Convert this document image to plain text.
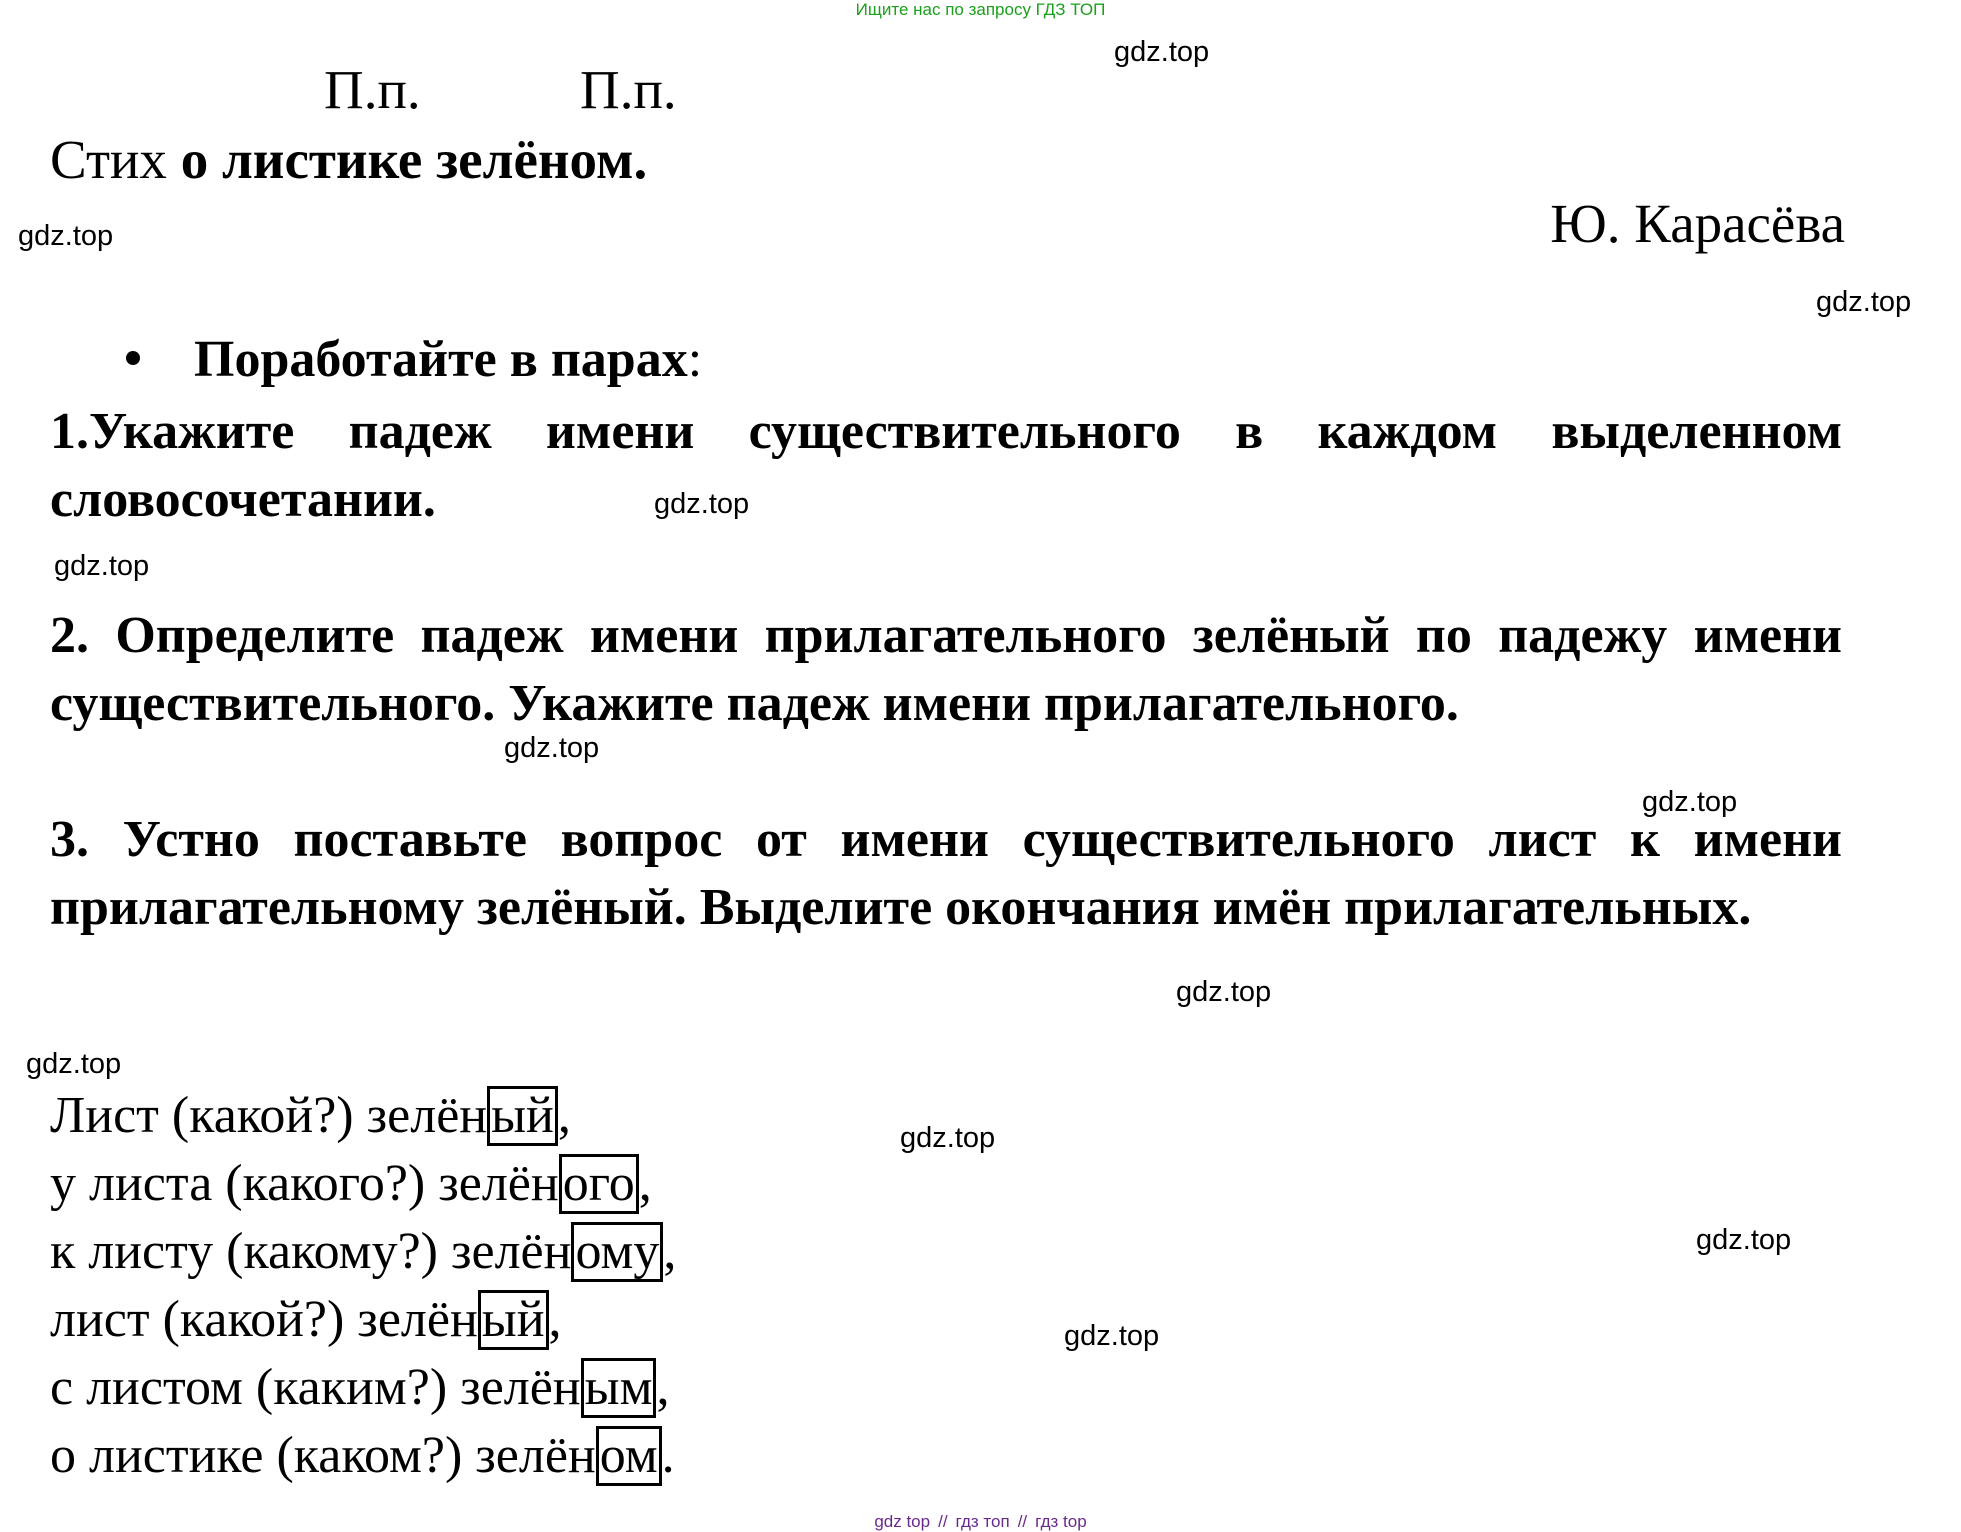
Ищите нас по запросу ГДЗ ТОП
gdz.top
gdz.top
gdz.top
gdz.top
gdz.top
gdz.top
gdz.top
gdz.top
gdz.top
gdz.top
gdz.top
gdz.top
П.п.	П.п.
Стих о листике зелёном.
Ю. Карасёва
Поработайте в парах:
1.Укажите падеж имени существительного в каждом выделенном словосочетании.
2. Определите падеж имени прилагательного зелёный по падежу имени существительного. Укажите падеж имени прилагательного.
3. Устно поставьте вопрос от имени существительного лист к имени прилагательному зелёный. Выделите окончания имён прилагательных.
Лист (какой?) зелёный,
у листа (какого?) зелёного,
к листу (какому?) зелёному,
лист (какой?) зелёный,
с листом (каким?) зелёным,
о листике (каком?) зелёном.
gdz top // гдз топ // гдз top
